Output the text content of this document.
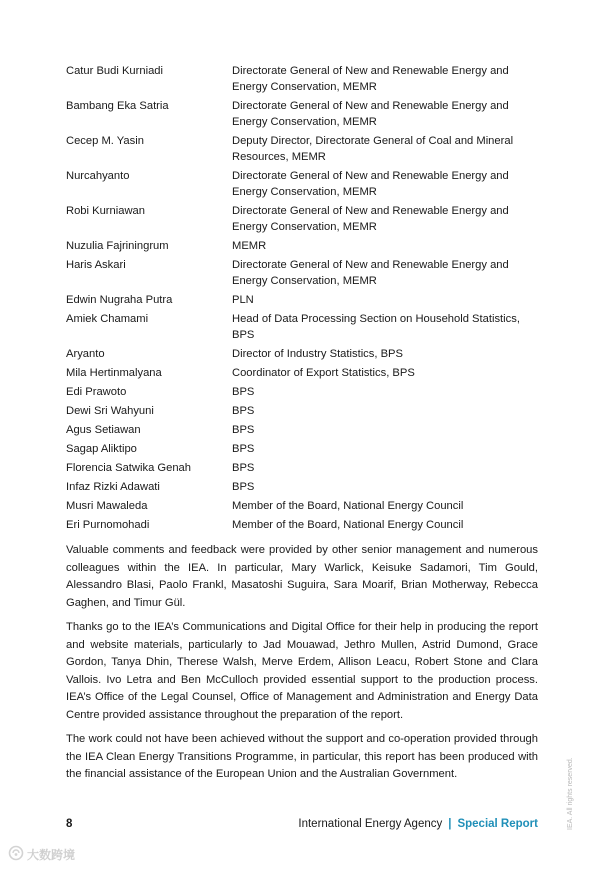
Catur Budi Kurniadi	Directorate General of New and Renewable Energy and Energy Conservation, MEMR
Bambang Eka Satria	Directorate General of New and Renewable Energy and Energy Conservation, MEMR
Cecep M. Yasin	Deputy Director, Directorate General of Coal and Mineral Resources, MEMR
Nurcahyanto	Directorate General of New and Renewable Energy and Energy Conservation, MEMR
Robi Kurniawan	Directorate General of New and Renewable Energy and Energy Conservation, MEMR
Nuzulia Fajriningrum	MEMR
Haris Askari	Directorate General of New and Renewable Energy and Energy Conservation, MEMR
Edwin Nugraha Putra	PLN
Amiek Chamami	Head of Data Processing Section on Household Statistics, BPS
Aryanto	Director of Industry Statistics, BPS
Mila Hertinmalyana	Coordinator of Export Statistics, BPS
Edi Prawoto	BPS
Dewi Sri Wahyuni	BPS
Agus Setiawan	BPS
Sagap Aliktipo	BPS
Florencia Satwika Genah	BPS
Infaz Rizki Adawati	BPS
Musri Mawaleda	Member of the Board, National Energy Council
Eri Purnomohadi	Member of the Board, National Energy Council

Valuable comments and feedback were provided by other senior management and numerous colleagues within the IEA. In particular, Mary Warlick, Keisuke Sadamori, Tim Gould, Alessandro Blasi, Paolo Frankl, Masatoshi Suguira, Sara Moarif, Brian Motherway, Rebecca Gaghen, and Timur Gül.

Thanks go to the IEA’s Communications and Digital Office for their help in producing the report and website materials, particularly to Jad Mouawad, Jethro Mullen, Astrid Dumond, Grace Gordon, Tanya Dhin, Therese Walsh, Merve Erdem, Allison Leacu, Robert Stone and Clara Vallois. Ivo Letra and Ben McCulloch provided essential support to the production process. IEA’s Office of the Legal Counsel, Office of Management and Administration and Energy Data Centre provided assistance throughout the preparation of the report.

The work could not have been achieved without the support and co-operation provided through the IEA Clean Energy Transitions Programme, in particular, this report has been produced with the financial assistance of the European Union and the Australian Government.

8	International Energy Agency | Special Report	IEA. All rights reserved.
大数跨境
